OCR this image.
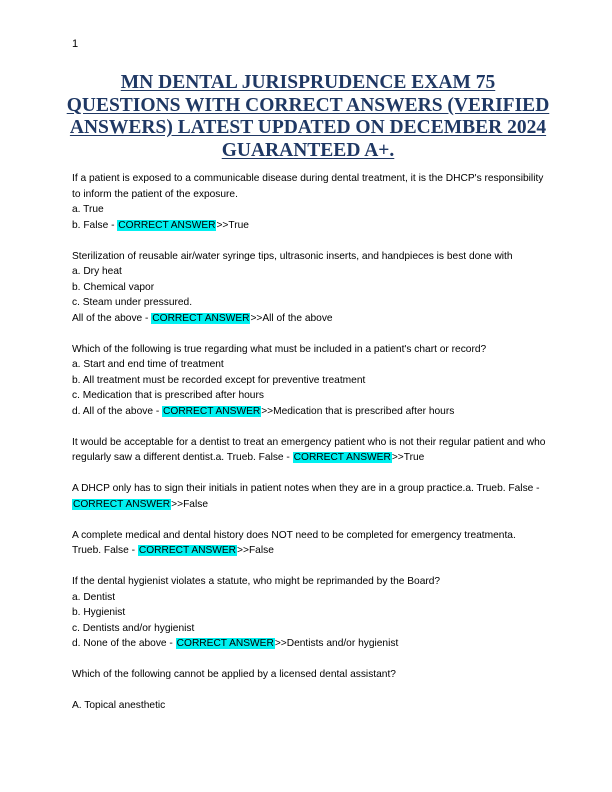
1
MN DENTAL JURISPRUDENCE EXAM 75 QUESTIONS WITH CORRECT ANSWERS (VERIFIED ANSWERS) LATEST UPDATED ON DECEMBER 2024 GUARANTEED A+.

If a patient is exposed to a communicable disease during dental treatment, it is the DHCP's responsibility to inform the patient of the exposure.

a. True

b. False - CORRECT ANSWER>>True

Sterilization of reusable air/water syringe tips, ultrasonic inserts, and handpieces is best done with

a. Dry heat

b. Chemical vapor

c. Steam under pressured.

All of the above - CORRECT ANSWER>>All of the above

Which of the following is true regarding what must be included in a patient's chart or record?

a. Start and end time of treatment

b. All treatment must be recorded except for preventive treatment

c. Medication that is prescribed after hours

d. All of the above - CORRECT ANSWER>>Medication that is prescribed after hours

It would be acceptable for a dentist to treat an emergency patient who is not their regular patient and who regularly saw a different dentist.a. Trueb. False - CORRECT ANSWER>>True

A DHCP only has to sign their initials in patient notes when they are in a group practice.a. Trueb. False - CORRECT ANSWER>>False

A complete medical and dental history does NOT need to be completed for emergency treatmenta. Trueb. False - CORRECT ANSWER>>False

If the dental hygienist violates a statute, who might be reprimanded by the Board?

a. Dentist

b. Hygienist

c. Dentists and/or hygienist

d. None of the above - CORRECT ANSWER>>Dentists and/or hygienist

Which of the following cannot be applied by a licensed dental assistant?

A. Topical anesthetic
